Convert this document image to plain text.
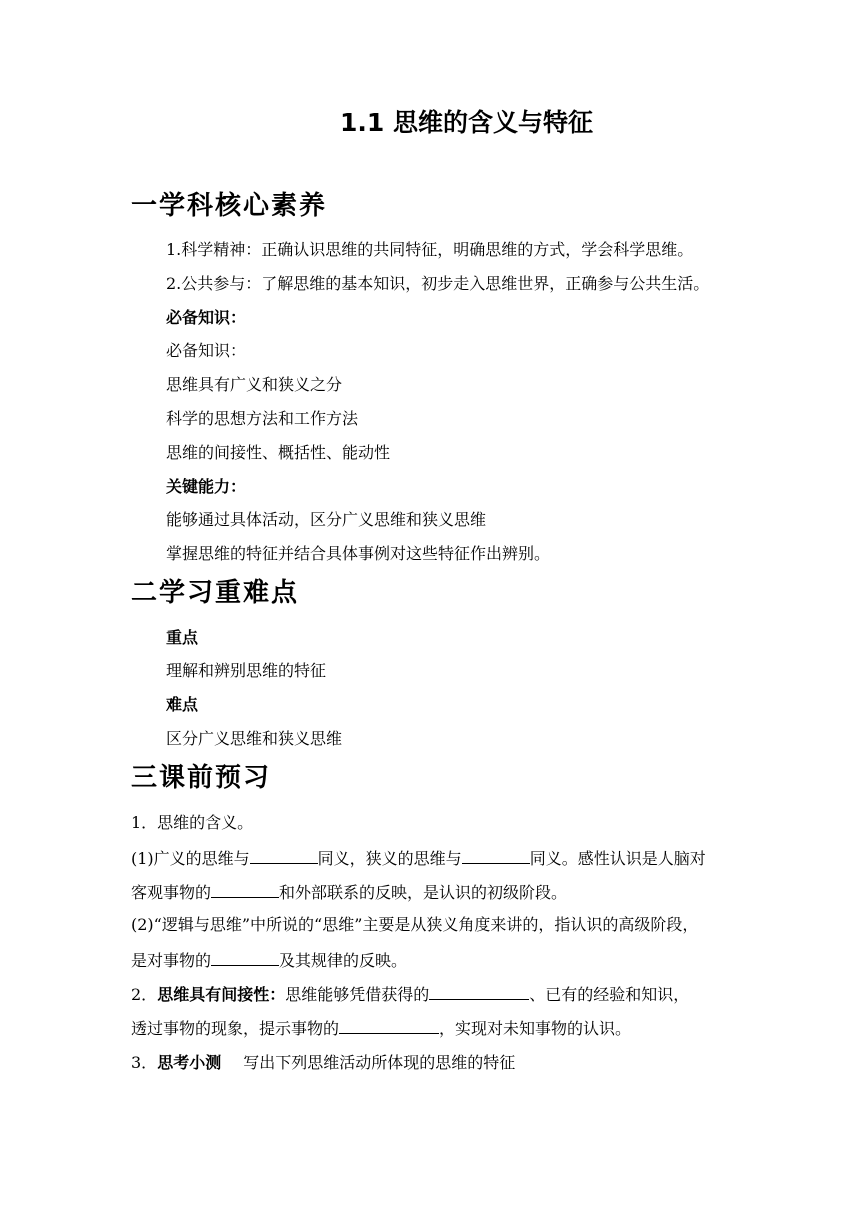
1.1 思维的含义与特征
一学科核心素养

1.科学精神：正确认识思维的共同特征，明确思维的方式，学会科学思维。

2.公共参与：了解思维的基本知识，初步走入思维世界，正确参与公共生活。

必备知识：

必备知识：

思维具有广义和狭义之分

科学的思想方法和工作方法

思维的间接性、概括性、能动性

关键能力：

能够通过具体活动，区分广义思维和狭义思维

掌握思维的特征并结合具体事例对这些特征作出辨别。

二学习重难点

重点

理解和辨别思维的特征

难点

区分广义思维和狭义思维

三课前预习

1．思维的含义。

(1)广义的思维与	同义，狭义的思维与	同义。感性认识是人脑对

客观事物的	和外部联系的反映，是认识的初级阶段。

(2)“逻辑与思维”中所说的“思维”主要是从狭义角度来讲的，指认识的高级阶段，

是对事物的	及其规律的反映。

2．思维具有间接性：思维能够凭借获得的	、已有的经验和知识，

透过事物的现象，提示事物的	，实现对未知事物的认识。

3．思考小测 写出下列思维活动所体现的思维的特征
